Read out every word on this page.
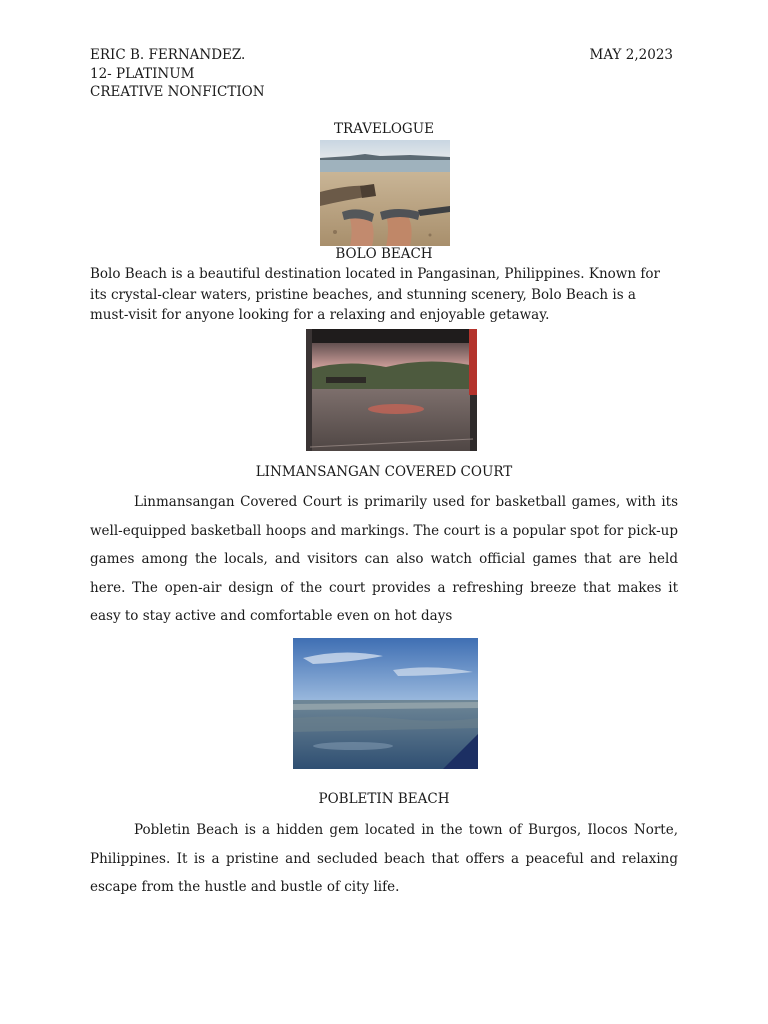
ERIC B. FERNANDEZ.
12- PLATINUM
CREATIVE NONFICTION
MAY 2,2023
TRAVELOGUE
BOLO BEACH
Bolo Beach is a beautiful destination located in Pangasinan, Philippines. Known for its crystal-clear waters, pristine beaches, and stunning scenery, Bolo Beach is a must-visit for anyone looking for a relaxing and enjoyable getaway.
LINMANSANGAN COVERED COURT
Linmansangan Covered Court is primarily used for basketball games, with its well-equipped basketball hoops and markings. The court is a popular spot for pick-up games among the locals, and visitors can also watch official games that are held here. The open-air design of the court provides a refreshing breeze that makes it easy to stay active and comfortable even on hot days
POBLETIN BEACH
Pobletin Beach is a hidden gem located in the town of Burgos, Ilocos Norte, Philippines. It is a pristine and secluded beach that offers a peaceful and relaxing escape from the hustle and bustle of city life.
